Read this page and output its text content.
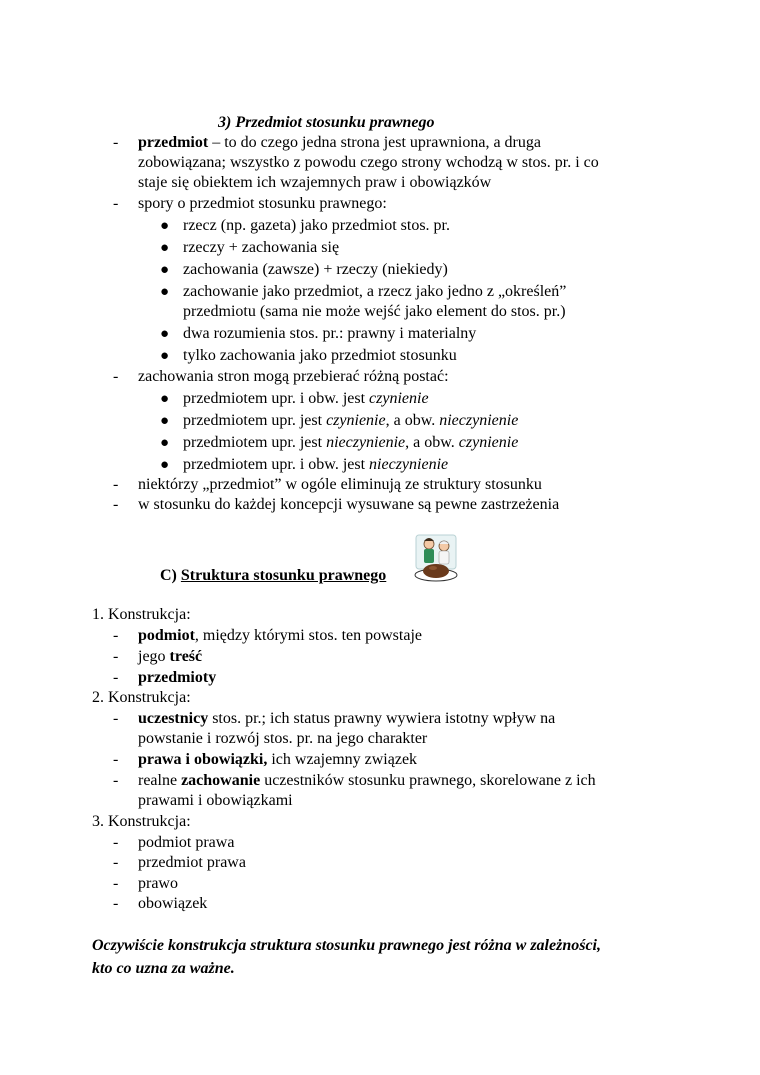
3) Przedmiot stosunku prawnego
- przedmiot – to do czego jedna strona jest uprawniona, a druga
zobowiązana; wszystko z powodu czego strony wchodzą w stos. pr. i co
staje się obiektem ich wzajemnych praw i obowiązków
- spory o przedmiot stosunku prawnego:
● rzecz (np. gazeta) jako przedmiot stos. pr.
● rzeczy + zachowania się
● zachowania (zawsze) + rzeczy (niekiedy)
● zachowanie jako przedmiot, a rzecz jako jedno z „określeń”
przedmiotu (sama nie może wejść jako element do stos. pr.)
● dwa rozumienia stos. pr.: prawny i materialny
● tylko zachowania jako przedmiot stosunku
- zachowania stron mogą przebierać różną postać:
● przedmiotem upr. i obw. jest czynienie
● przedmiotem upr. jest czynienie, a obw. nieczynienie
● przedmiotem upr. jest nieczynienie, a obw. czynienie
● przedmiotem upr. i obw. jest nieczynienie
- niektórzy „przedmiot” w ogóle eliminują ze struktury stosunku
- w stosunku do każdej koncepcji wysuwane są pewne zastrzeżenia
C) Struktura stosunku prawnego
1. Konstrukcja:
- podmiot, między którymi stos. ten powstaje
- jego treść
- przedmioty
2. Konstrukcja:
- uczestnicy stos. pr.; ich status prawny wywiera istotny wpływ na
powstanie i rozwój stos. pr. na jego charakter
- prawa i obowiązki, ich wzajemny związek
- realne zachowanie uczestników stosunku prawnego, skorelowane z ich
prawami i obowiązkami
3. Konstrukcja:
- podmiot prawa
- przedmiot prawa
- prawo
- obowiązek
Oczywiście konstrukcja struktura stosunku prawnego jest różna w zależności,
kto co uzna za ważne.
